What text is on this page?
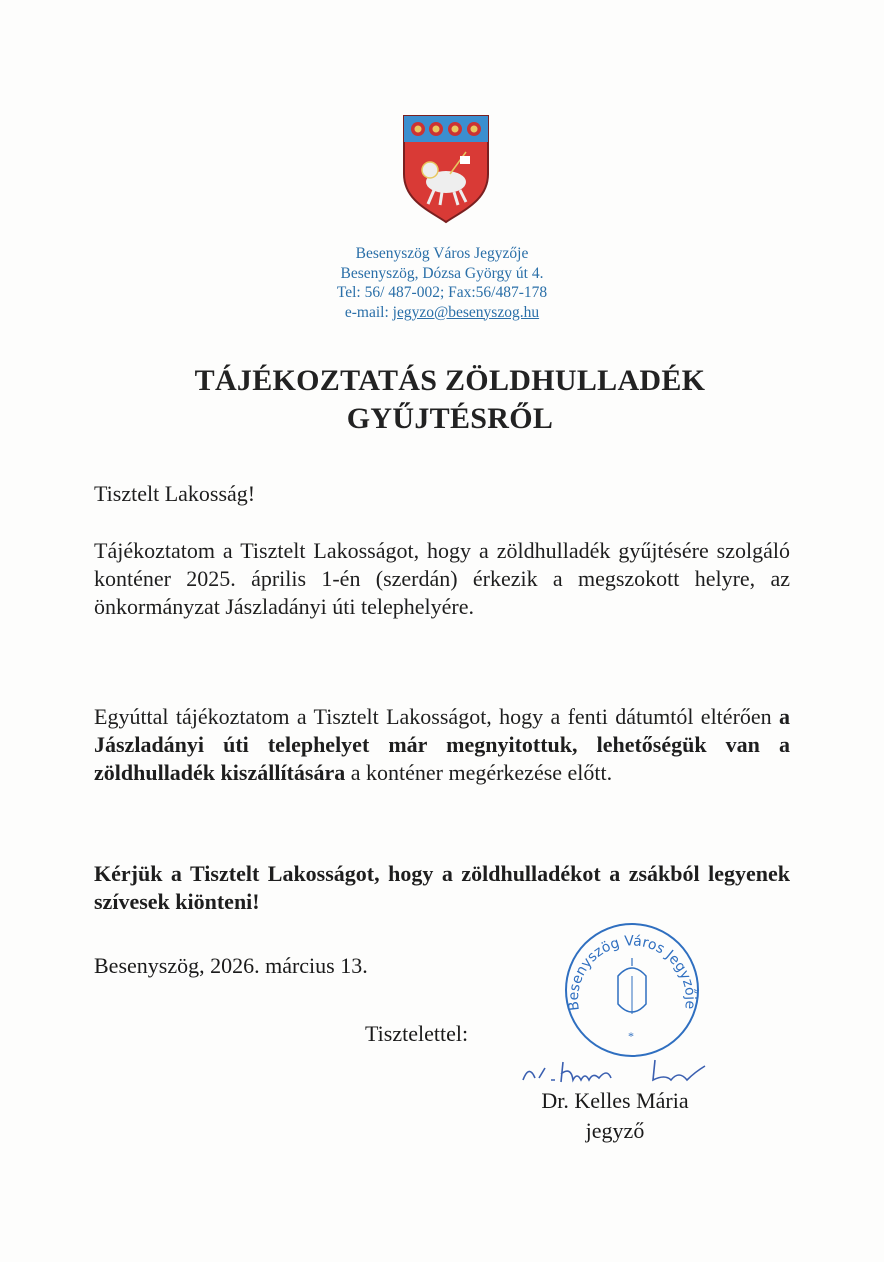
Besenyszög Város Jegyzője
Besenyszög, Dózsa György út 4.
Tel: 56/ 487-002; Fax:56/487-178
e-mail: jegyzo@besenyszog.hu
TÁJÉKOZTATÁS ZÖLDHULLADÉK
GYŰJTÉSRŐL
Tisztelt Lakosság!
Tájékoztatom a Tisztelt Lakosságot, hogy a zöldhulladék gyűjtésére szolgáló konténer 2025. április 1-én (szerdán) érkezik a megszokott helyre, az önkormányzat Jászladányi úti telephelyére.
Egyúttal tájékoztatom a Tisztelt Lakosságot, hogy a fenti dátumtól eltérően a Jászladányi úti telephelyet már megnyitottuk, lehetőségük van a zöldhulladék kiszállítására a konténer megérkezése előtt.
Kérjük a Tisztelt Lakosságot, hogy a zöldhulladékot a zsákból legyenek szívesek kiönteni!
Besenyszög, 2026. március 13.
Tisztelettel:
Besenyszög Város Jegyzője
*
Dr. Kelles Mária
jegyző
